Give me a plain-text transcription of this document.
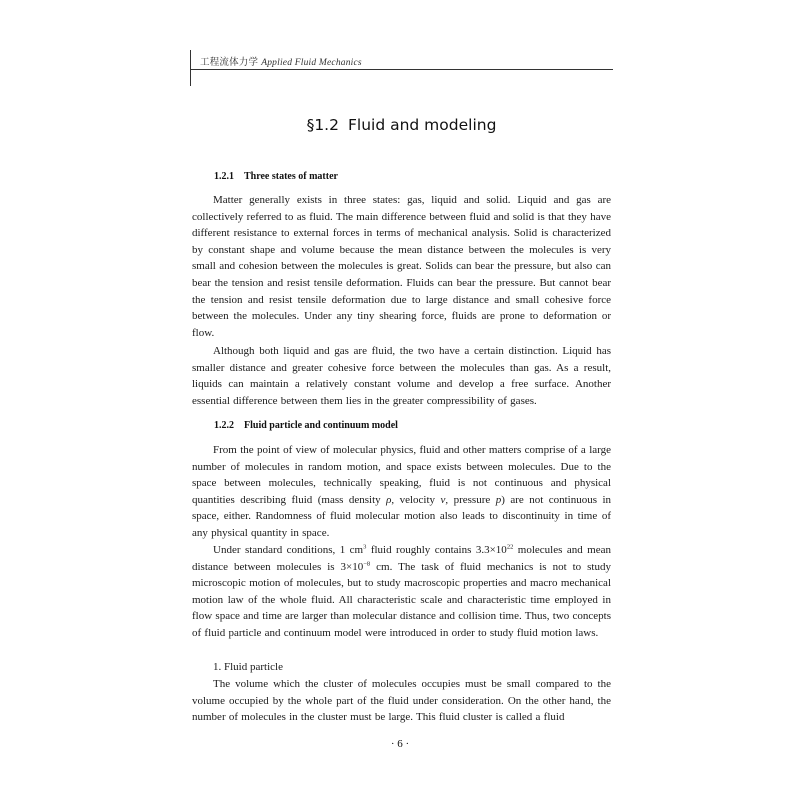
工程流体力学 Applied Fluid Mechanics
§1.2 Fluid and modeling
1.2.1 Three states of matter

Matter generally exists in three states: gas, liquid and solid. Liquid and gas are collectively referred to as fluid. The main difference between fluid and solid is that they have different resistance to external forces in terms of mechanical analysis. Solid is characterized by constant shape and volume because the mean distance between the molecules is very small and cohesion between the molecules is great. Solids can bear the pressure, but also can bear the tension and resist tensile deformation. Fluids can bear the pressure. But cannot bear the tension and resist tensile deformation due to large distance and small cohesive force between the molecules. Under any tiny shearing force, fluids are prone to deformation or flow.

Although both liquid and gas are fluid, the two have a certain distinction. Liquid has smaller distance and greater cohesive force between the molecules than gas. As a result, liquids can maintain a relatively constant volume and develop a free surface. Another essential difference between them lies in the greater compressibility of gases.

1.2.2 Fluid particle and continuum model

From the point of view of molecular physics, fluid and other matters comprise of a large number of molecules in random motion, and space exists between molecules. Due to the space between molecules, technically speaking, fluid is not continuous and physical quantities describing fluid (mass density ρ, velocity v, pressure p) are not continuous in space, either. Randomness of fluid molecular motion also leads to discontinuity in time of any physical quantity in space.

Under standard conditions, 1 $cm^3$ fluid roughly contains $3.3\times 10^{22}$ molecules and mean distance between molecules is $3\times 10^{-8}$ cm. The task of fluid mechanics is not to study microscopic motion of molecules, but to study macroscopic properties and macro mechanical motion law of the whole fluid. All characteristic scale and characteristic time employed in flow space and time are larger than molecular distance and collision time. Thus, two concepts of fluid particle and continuum model were introduced in order to study fluid motion laws.

1. Fluid particle

The volume which the cluster of molecules occupies must be small compared to the volume occupied by the whole part of the fluid under consideration. On the other hand, the number of molecules in the cluster must be large. This fluid cluster is called a fluid

· 6 ·
